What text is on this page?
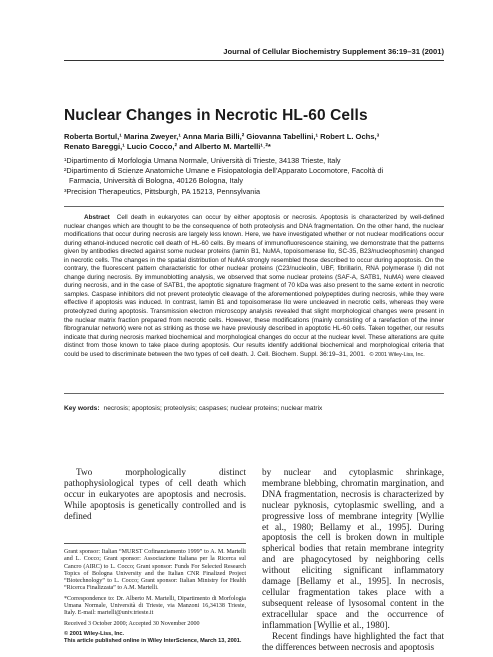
Journal of Cellular Biochemistry Supplement 36:19–31 (2001)
Nuclear Changes in Necrotic HL-60 Cells
Roberta Bortul,¹ Marina Zweyer,¹ Anna Maria Billi,² Giovanna Tabellini,¹ Robert L. Ochs,³
Renato Bareggi,¹ Lucio Cocco,² and Alberto M. Martelli¹˒²*
¹Dipartimento di Morfologia Umana Normale, Università di Trieste, 34138 Trieste, Italy
²Dipartimento di Scienze Anatomiche Umane e Fisiopatologia dell’Apparato Locomotore, Facoltà di
Farmacia, Università di Bologna, 40126 Bologna, Italy
³Precision Therapeutics, Pittsburgh, PA 15213, Pennsylvania

Abstract Cell death in eukaryotes can occur by either apoptosis or necrosis. Apoptosis is characterized by well-defined nuclear changes which are thought to be the consequence of both proteolysis and DNA fragmentation. On the other hand, the nuclear modifications that occur during necrosis are largely less known. Here, we have investigated whether or not nuclear modifications occur during ethanol-induced necrotic cell death of HL-60 cells. By means of immunofluorescence staining, we demonstrate that the patterns given by antibodies directed against some nuclear proteins (lamin B1, NuMA, topoisomerase IIα, SC-35, B23/nucleophosmin) changed in necrotic cells. The changes in the spatial distribution of NuMA strongly resembled those described to occur during apoptosis. On the contrary, the fluorescent pattern characteristic for other nuclear proteins (C23/nucleolin, UBF, fibrillarin, RNA polymerase I) did not change during necrosis. By immunoblotting analysis, we observed that some nuclear proteins (SAF-A, SATB1, NuMA) were cleaved during necrosis, and in the case of SATB1, the apoptotic signature fragment of 70 kDa was also present to the same extent in necrotic samples. Caspase inhibitors did not prevent proteolytic cleavage of the aforementioned polypeptides during necrosis, while they were effective if apoptosis was induced. In contrast, lamin B1 and topoisomerase IIα were uncleaved in necrotic cells, whereas they were proteolyzed during apoptosis. Transmission electron microscopy analysis revealed that slight morphological changes were present in the nuclear matrix fraction prepared from necrotic cells. However, these modifications (mainly consisting of a rarefaction of the inner fibrogranular network) were not as striking as those we have previously described in apoptotic HL-60 cells. Taken together, our results indicate that during necrosis marked biochemical and morphological changes do occur at the nuclear level. These alterations are quite distinct from those known to take place during apoptosis. Our results identify additional biochemical and morphological criteria that could be used to discriminate between the two types of cell death. J. Cell. Biochem. Suppl. 36:19–31, 2001. © 2001 Wiley-Liss, Inc.

Key words: necrosis; apoptosis; proteolysis; caspases; nuclear proteins; nuclear matrix

Two morphologically distinct pathophysiological types of cell death which occur in eukaryotes are apoptosis and necrosis. While apoptosis is genetically controlled and is defined

by nuclear and cytoplasmic shrinkage, membrane blebbing, chromatin margination, and DNA fragmentation, necrosis is characterized by nuclear pyknosis, cytoplasmic swelling, and a progressive loss of membrane integrity [Wyllie et al., 1980; Bellamy et al., 1995]. During apoptosis the cell is broken down in multiple spherical bodies that retain membrane integrity and are phagocytosed by neighboring cells without eliciting significant inflammatory damage [Bellamy et al., 1995]. In necrosis, cellular fragmentation takes place with a subsequent release of lysosomal content in the extracellular space and the occurrence of inflammation [Wyllie et al., 1980].

Recent findings have highlighted the fact that the differences between necrosis and apoptosis

Grant sponsor: Italian “MURST Cofinanziamento 1999” to A. M. Martelli and L. Cocco; Grant sponsor: Associazione Italiana per la Ricerca sul Cancro (AIRC) to L. Cocco; Grant sponsor: Funds For Selected Research Topics of Bologna University and the Italian CNR Finalized Project “Biotechnology” to L. Cocco; Grant sponsor: Italian Ministry for Health “Ricerca Finalizzata” to A.M. Martelli.

*Correspondence to: Dr. Alberto M. Martelli, Dipartimento di Morfologia Umana Normale, Università di Trieste, via Manzoni 16,34138 Trieste, Italy. E-mail: martelli@univ.trieste.it

Received 3 October 2000; Accepted 30 November 2000

© 2001 Wiley-Liss, Inc.

This article published online in Wiley InterScience, March 13, 2001.
